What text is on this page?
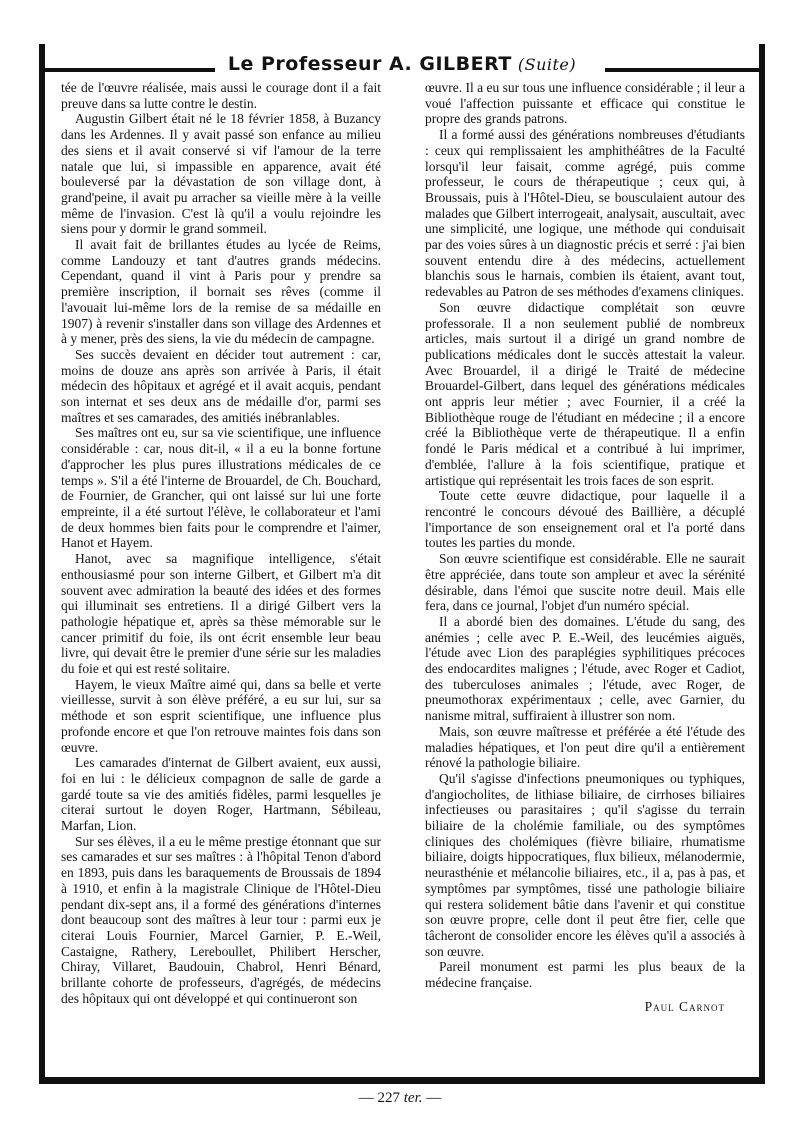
Le Professeur A. GILBERT (Suite)

tée de l'œuvre réalisée, mais aussi le courage dont il a fait preuve dans sa lutte contre le destin.

Augustin Gilbert était né le 18 février 1858, à Buzancy dans les Ardennes. Il y avait passé son enfance au milieu des siens et il avait conservé si vif l'amour de la terre natale que lui, si impassible en apparence, avait été bouleversé par la dévastation de son village dont, à grand'peine, il avait pu arracher sa vieille mère à la veille même de l'invasion. C'est là qu'il a voulu rejoindre les siens pour y dormir le grand sommeil.

Il avait fait de brillantes études au lycée de Reims, comme Landouzy et tant d'autres grands médecins. Cependant, quand il vint à Paris pour y prendre sa première inscription, il bornait ses rêves (comme il l'avouait lui-même lors de la remise de sa médaille en 1907) à revenir s'installer dans son village des Ardennes et à y mener, près des siens, la vie du médecin de campagne.

Ses succès devaient en décider tout autrement : car, moins de douze ans après son arrivée à Paris, il était médecin des hôpitaux et agrégé et il avait acquis, pendant son internat et ses deux ans de médaille d'or, parmi ses maîtres et ses camarades, des amitiés inébranlables.

Ses maîtres ont eu, sur sa vie scientifique, une influence considérable : car, nous dit-il, « il a eu la bonne fortune d'approcher les plus pures illustrations médicales de ce temps ». S'il a été l'interne de Brouardel, de Ch. Bouchard, de Fournier, de Grancher, qui ont laissé sur lui une forte empreinte, il a été surtout l'élève, le collaborateur et l'ami de deux hommes bien faits pour le comprendre et l'aimer, Hanot et Hayem.

Hanot, avec sa magnifique intelligence, s'était enthousiasmé pour son interne Gilbert, et Gilbert m'a dit souvent avec admiration la beauté des idées et des formes qui illuminait ses entretiens. Il a dirigé Gilbert vers la pathologie hépatique et, après sa thèse mémorable sur le cancer primitif du foie, ils ont écrit ensemble leur beau livre, qui devait être le premier d'une série sur les maladies du foie et qui est resté solitaire.

Hayem, le vieux Maître aimé qui, dans sa belle et verte vieillesse, survit à son élève préféré, a eu sur lui, sur sa méthode et son esprit scientifique, une influence plus profonde encore et que l'on retrouve maintes fois dans son œuvre.

Les camarades d'internat de Gilbert avaient, eux aussi, foi en lui : le délicieux compagnon de salle de garde a gardé toute sa vie des amitiés fidèles, parmi lesquelles je citerai surtout le doyen Roger, Hartmann, Sébileau, Marfan, Lion.

Sur ses élèves, il a eu le même prestige étonnant que sur ses camarades et sur ses maîtres : à l'hôpital Tenon d'abord en 1893, puis dans les baraquements de Broussais de 1894 à 1910, et enfin à la magistrale Clinique de l'Hôtel-Dieu pendant dix-sept ans, il a formé des générations d'internes dont beaucoup sont des maîtres à leur tour : parmi eux je citerai Louis Fournier, Marcel Garnier, P. E.-Weil, Castaigne, Rathery, Lereboullet, Philibert Herscher, Chiray, Villaret, Baudouin, Chabrol, Henri Bénard, brillante cohorte de professeurs, d'agrégés, de médecins des hôpitaux qui ont développé et qui continueront son

œuvre. Il a eu sur tous une influence considérable ; il leur a voué l'affection puissante et efficace qui constitue le propre des grands patrons.

Il a formé aussi des générations nombreuses d'étudiants : ceux qui remplissaient les amphithéâtres de la Faculté lorsqu'il leur faisait, comme agrégé, puis comme professeur, le cours de thérapeutique ; ceux qui, à Broussais, puis à l'Hôtel-Dieu, se bousculaient autour des malades que Gilbert interrogeait, analysait, auscultait, avec une simplicité, une logique, une méthode qui conduisait par des voies sûres à un diagnostic précis et serré : j'ai bien souvent entendu dire à des médecins, actuellement blanchis sous le harnais, combien ils étaient, avant tout, redevables au Patron de ses méthodes d'examens cliniques.

Son œuvre didactique complétait son œuvre professorale. Il a non seulement publié de nombreux articles, mais surtout il a dirigé un grand nombre de publications médicales dont le succès attestait la valeur. Avec Brouardel, il a dirigé le Traité de médecine Brouardel-Gilbert, dans lequel des générations médicales ont appris leur métier ; avec Fournier, il a créé la Bibliothèque rouge de l'étudiant en médecine ; il a encore créé la Bibliothèque verte de thérapeutique. Il a enfin fondé le Paris médical et a contribué à lui imprimer, d'emblée, l'allure à la fois scientifique, pratique et artistique qui représentait les trois faces de son esprit.

Toute cette œuvre didactique, pour laquelle il a rencontré le concours dévoué des Baillière, a décuplé l'importance de son enseignement oral et l'a porté dans toutes les parties du monde.

Son œuvre scientifique est considérable. Elle ne saurait être appréciée, dans toute son ampleur et avec la sérénité désirable, dans l'émoi que suscite notre deuil. Mais elle fera, dans ce journal, l'objet d'un numéro spécial.

Il a abordé bien des domaines. L'étude du sang, des anémies ; celle avec P. E.-Weil, des leucémies aiguës, l'étude avec Lion des paraplégies syphilitiques précoces des endocardites malignes ; l'étude, avec Roger et Cadiot, des tuberculoses animales ; l'étude, avec Roger, de pneumothorax expérimentaux ; celle, avec Garnier, du nanisme mitral, suffiraient à illustrer son nom.

Mais, son œuvre maîtresse et préférée a été l'étude des maladies hépatiques, et l'on peut dire qu'il a entièrement rénové la pathologie biliaire.

Qu'il s'agisse d'infections pneumoniques ou typhiques, d'angiocholites, de lithiase biliaire, de cirrhoses biliaires infectieuses ou parasitaires ; qu'il s'agisse du terrain biliaire de la cholémie familiale, ou des symptômes cliniques des cholémiques (fièvre biliaire, rhumatisme biliaire, doigts hippocratiques, flux bilieux, mélanodermie, neurasthénie et mélancolie biliaires, etc., il a, pas à pas, et symptômes par symptômes, tissé une pathologie biliaire qui restera solidement bâtie dans l'avenir et qui constitue son œuvre propre, celle dont il peut être fier, celle que tâcheront de consolider encore les élèves qu'il a associés à son œuvre.

Pareil monument est parmi les plus beaux de la médecine française.

Paul Carnot

— 227 ter. —
